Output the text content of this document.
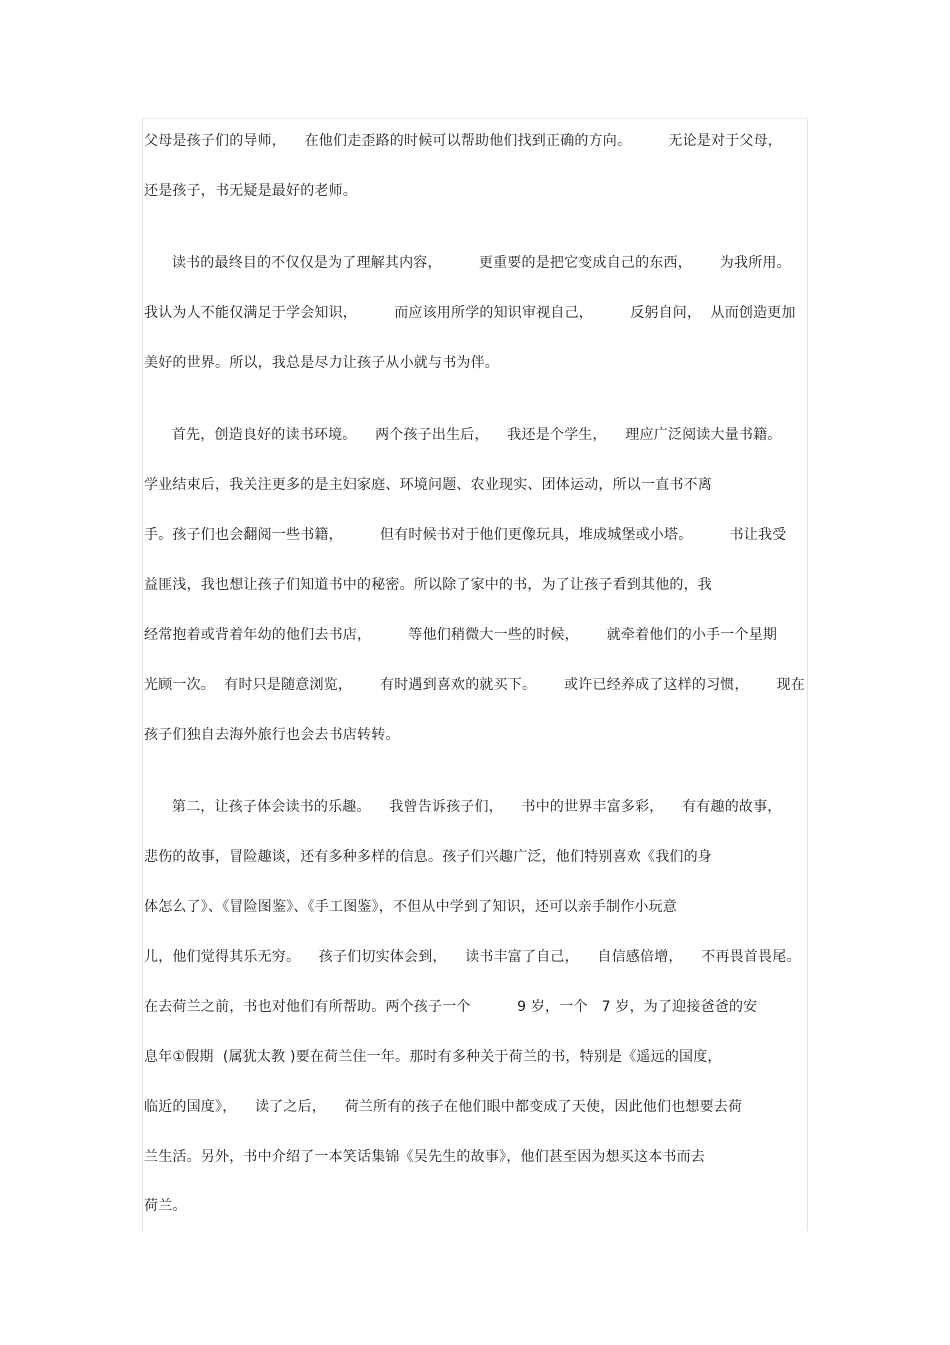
父母是孩子们的导师，    在他们走歪路的时候可以帮助他们找到正确的方向。        无论是对于父母，
还是孩子，书无疑是最好的老师。
读书的最终目的不仅仅是为了理解其内容，        更重要的是把它变成自己的东西，      为我所用。
我认为人不能仅满足于学会知识，        而应该用所学的知识审视自己，        反躬自问，  从而创造更加
美好的世界。所以，我总是尽力让孩子从小就与书为伴。
首先，创造良好的读书环境。    两个孩子出生后，    我还是个学生，    理应广泛阅读大量书籍。
学业结束后，我关注更多的是主妇家庭、环境问题、农业现实、团体运动，所以一直书不离
手。孩子们也会翻阅一些书籍，        但有时候书对于他们更像玩具，堆成城堡或小塔。        书让我受
益匪浅，我也想让孩子们知道书中的秘密。所以除了家中的书，为了让孩子看到其他的，我
经常抱着或背着年幼的他们去书店，        等他们稍微大一些的时候，      就牵着他们的小手一个星期
光顾一次。  有时只是随意浏览，      有时遇到喜欢的就买下。      或许已经养成了这样的习惯，      现在
孩子们独自去海外旅行也会去书店转转。
第二，让孩子体会读书的乐趣。    我曾告诉孩子们，    书中的世界丰富多彩，    有有趣的故事，
悲伤的故事，冒险趣谈，还有多种多样的信息。孩子们兴趣广泛，他们特别喜欢《我们的身
体怎么了》、《冒险图鉴》、《手工图鉴》，不但从中学到了知识，还可以亲手制作小玩意
儿，他们觉得其乐无穷。    孩子们切实体会到，    读书丰富了自己，    自信感倍增，    不再畏首畏尾。
在去荷兰之前，书也对他们有所帮助。两个孩子一个          9 岁，一个   7 岁，为了迎接爸爸的安
息年①假期  (属犹太教 )要在荷兰住一年。那时有多种关于荷兰的书，特别是《遥远的国度，
临近的国度》，    读了之后，    荷兰所有的孩子在他们眼中都变成了天使，因此他们也想要去荷
兰生活。另外，书中介绍了一本笑话集锦《吴先生的故事》，他们甚至因为想买这本书而去
荷兰。
